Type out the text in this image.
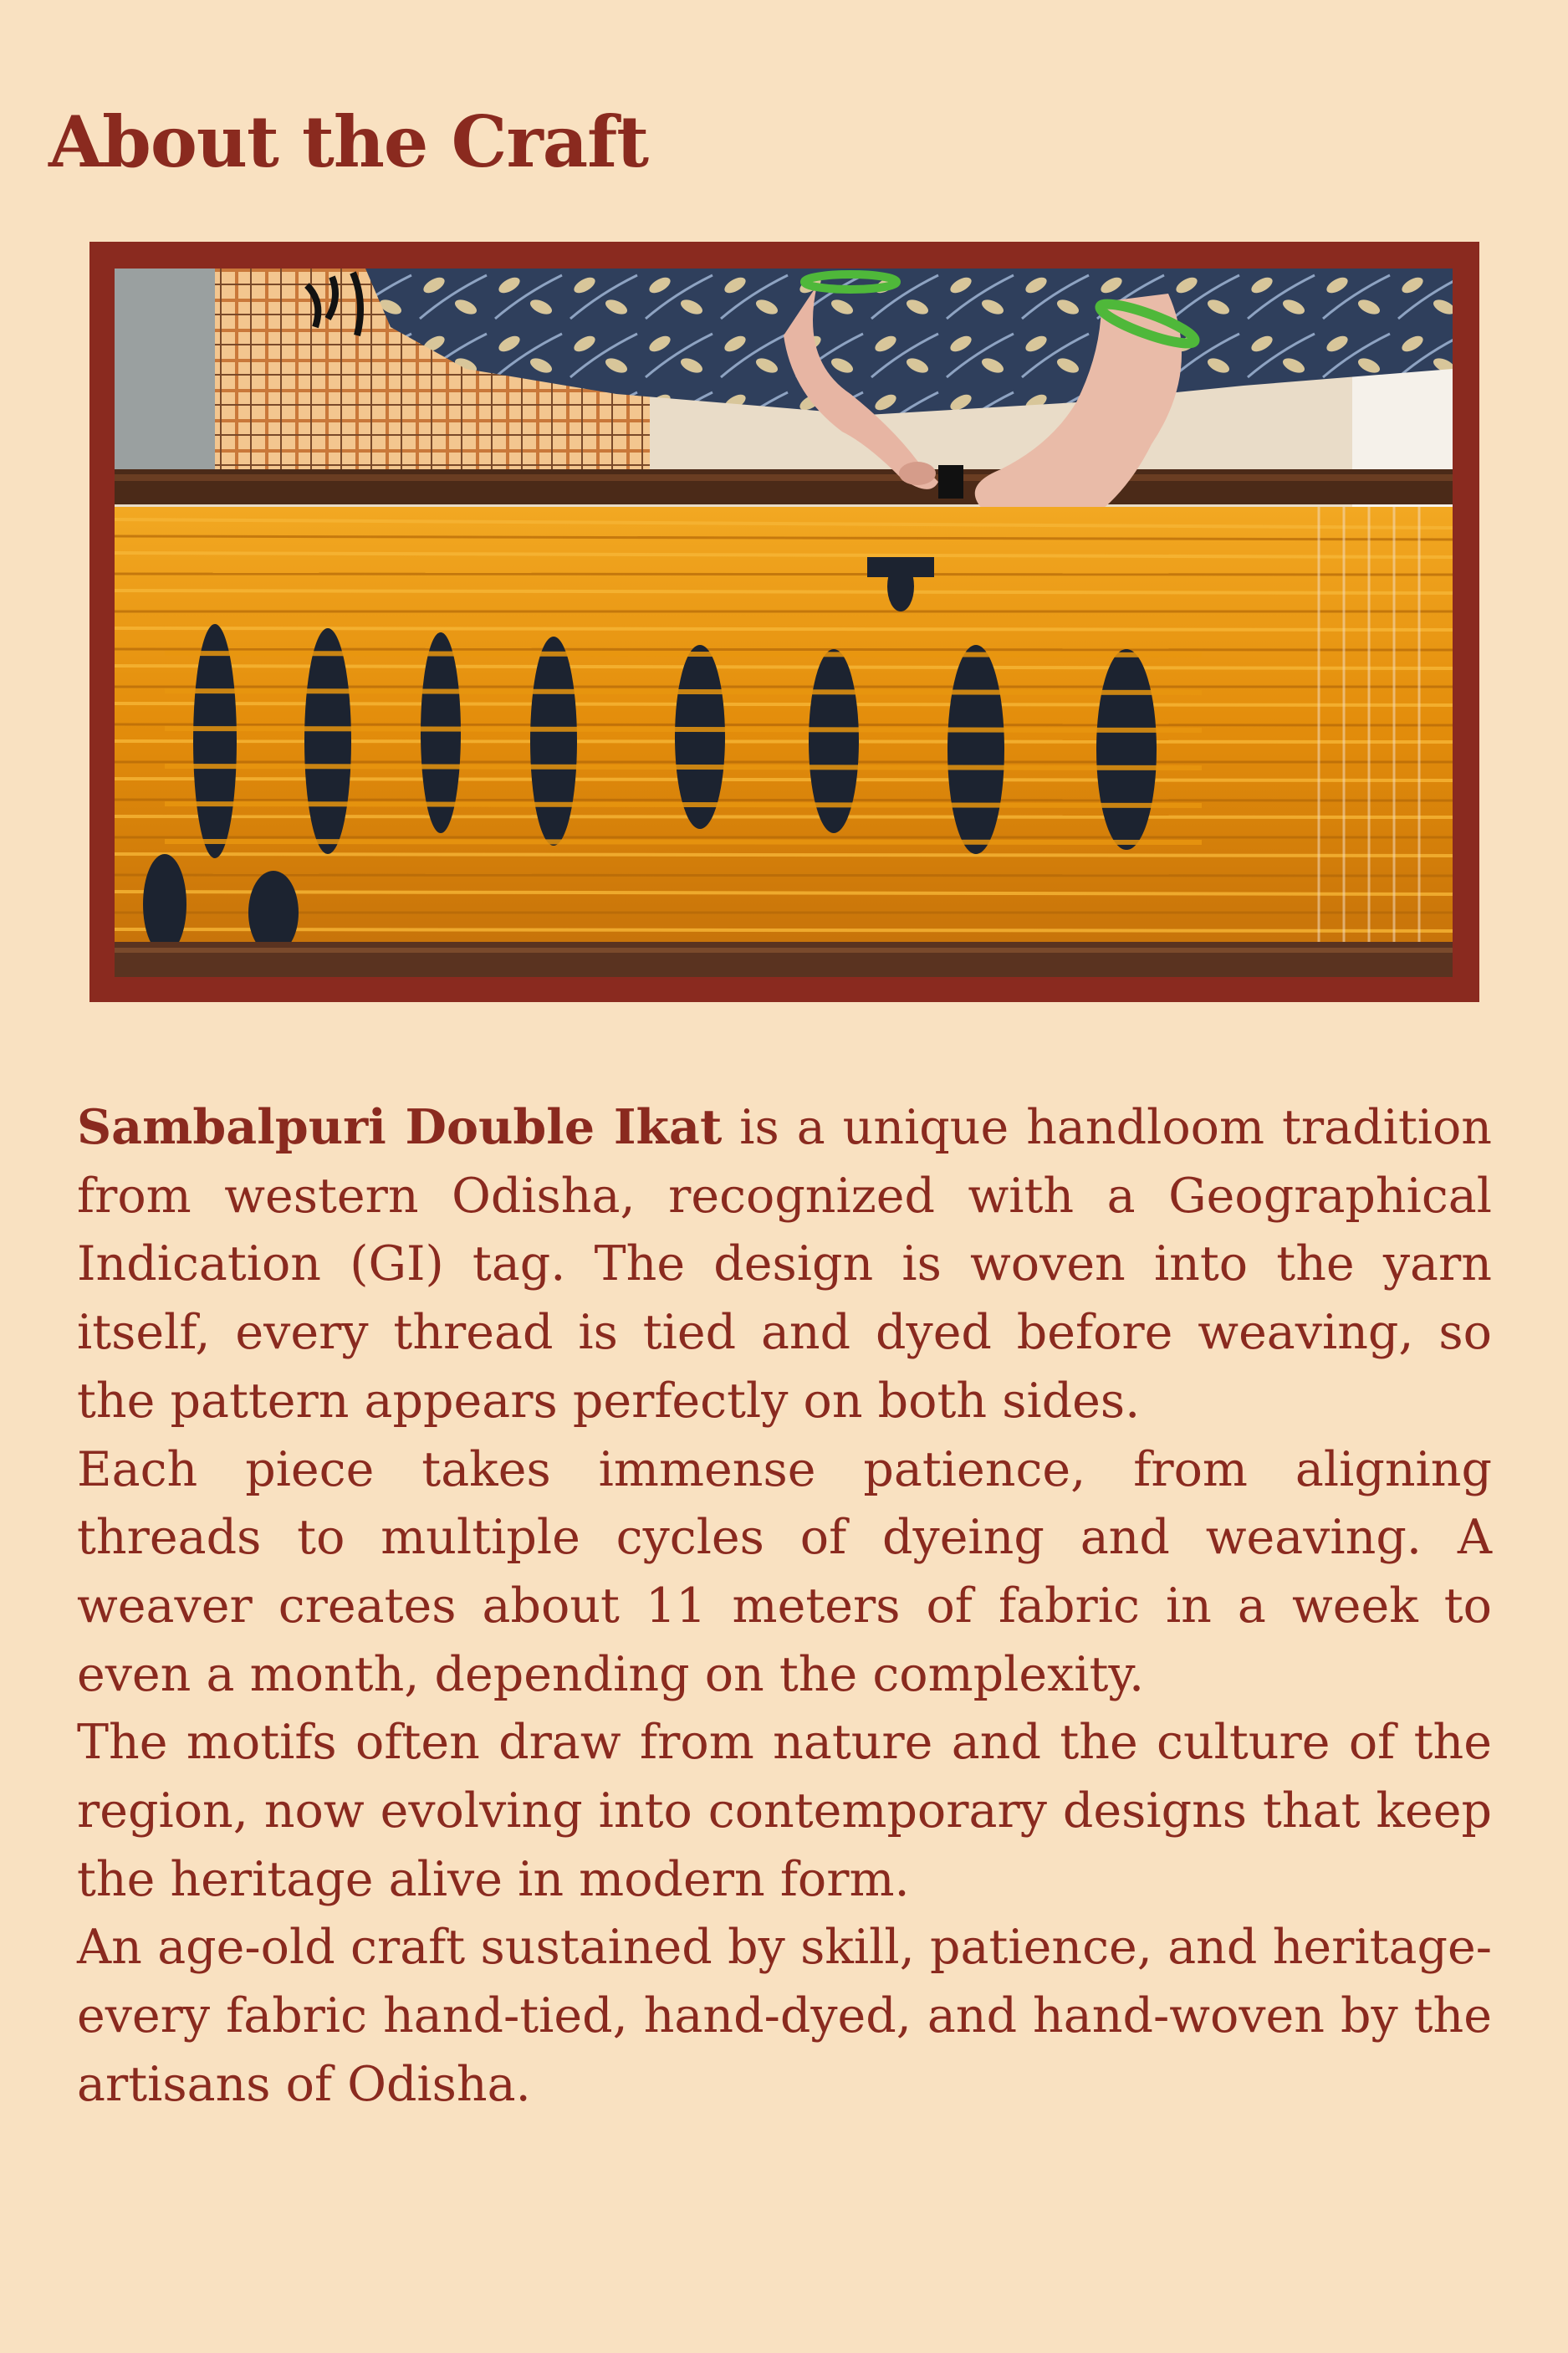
About the Craft

Sambalpuri Double Ikat is a unique handloom tradition from western Odisha, recognized with a Geographical Indication (GI) tag. The design is woven into the yarn itself, every thread is tied and dyed before weaving, so the pattern appears perfectly on both sides.

Each piece takes immense patience, from aligning threads to multiple cycles of dyeing and weaving. A weaver creates about 11 meters of fabric in a week to even a month, depending on the complexity.

The motifs often draw from nature and the culture of the region, now evolving into contemporary designs that keep the heritage alive in modern form.

An age-old craft sustained by skill, patience, and heritage- every fabric hand-tied, hand-dyed, and hand-woven by the artisans of Odisha.
